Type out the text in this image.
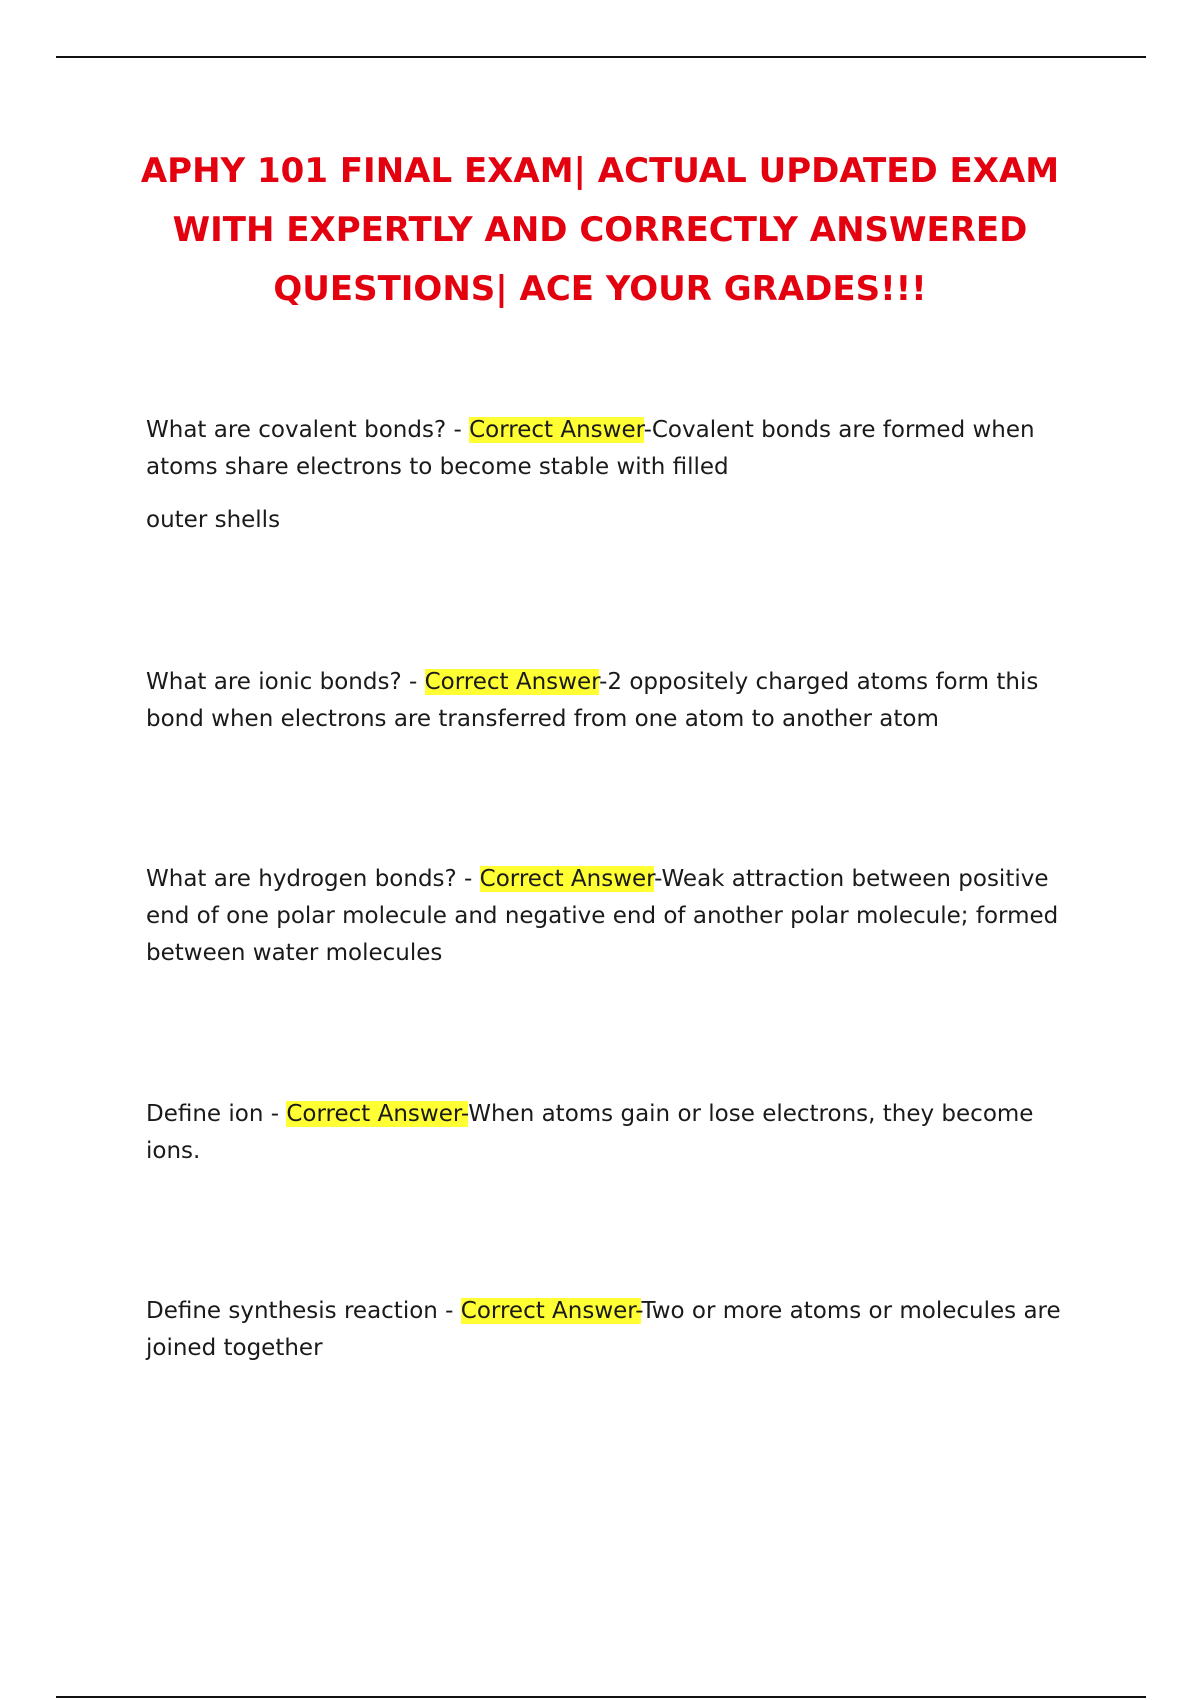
APHY 101 FINAL EXAM| ACTUAL UPDATED EXAM
WITH EXPERTLY AND CORRECTLY ANSWERED
QUESTIONS| ACE YOUR GRADES!!!

What are covalent bonds? - Correct Answer-Covalent bonds are formed when atoms share electrons to become stable with filled

outer shells

What are ionic bonds? - Correct Answer-2 oppositely charged atoms form this bond when electrons are transferred from one atom to another atom

What are hydrogen bonds? - Correct Answer-Weak attraction between positive end of one polar molecule and negative end of another polar molecule; formed between water molecules

Define ion - Correct Answer-When atoms gain or lose electrons, they become ions.

Define synthesis reaction - Correct Answer-Two or more atoms or molecules are joined together
